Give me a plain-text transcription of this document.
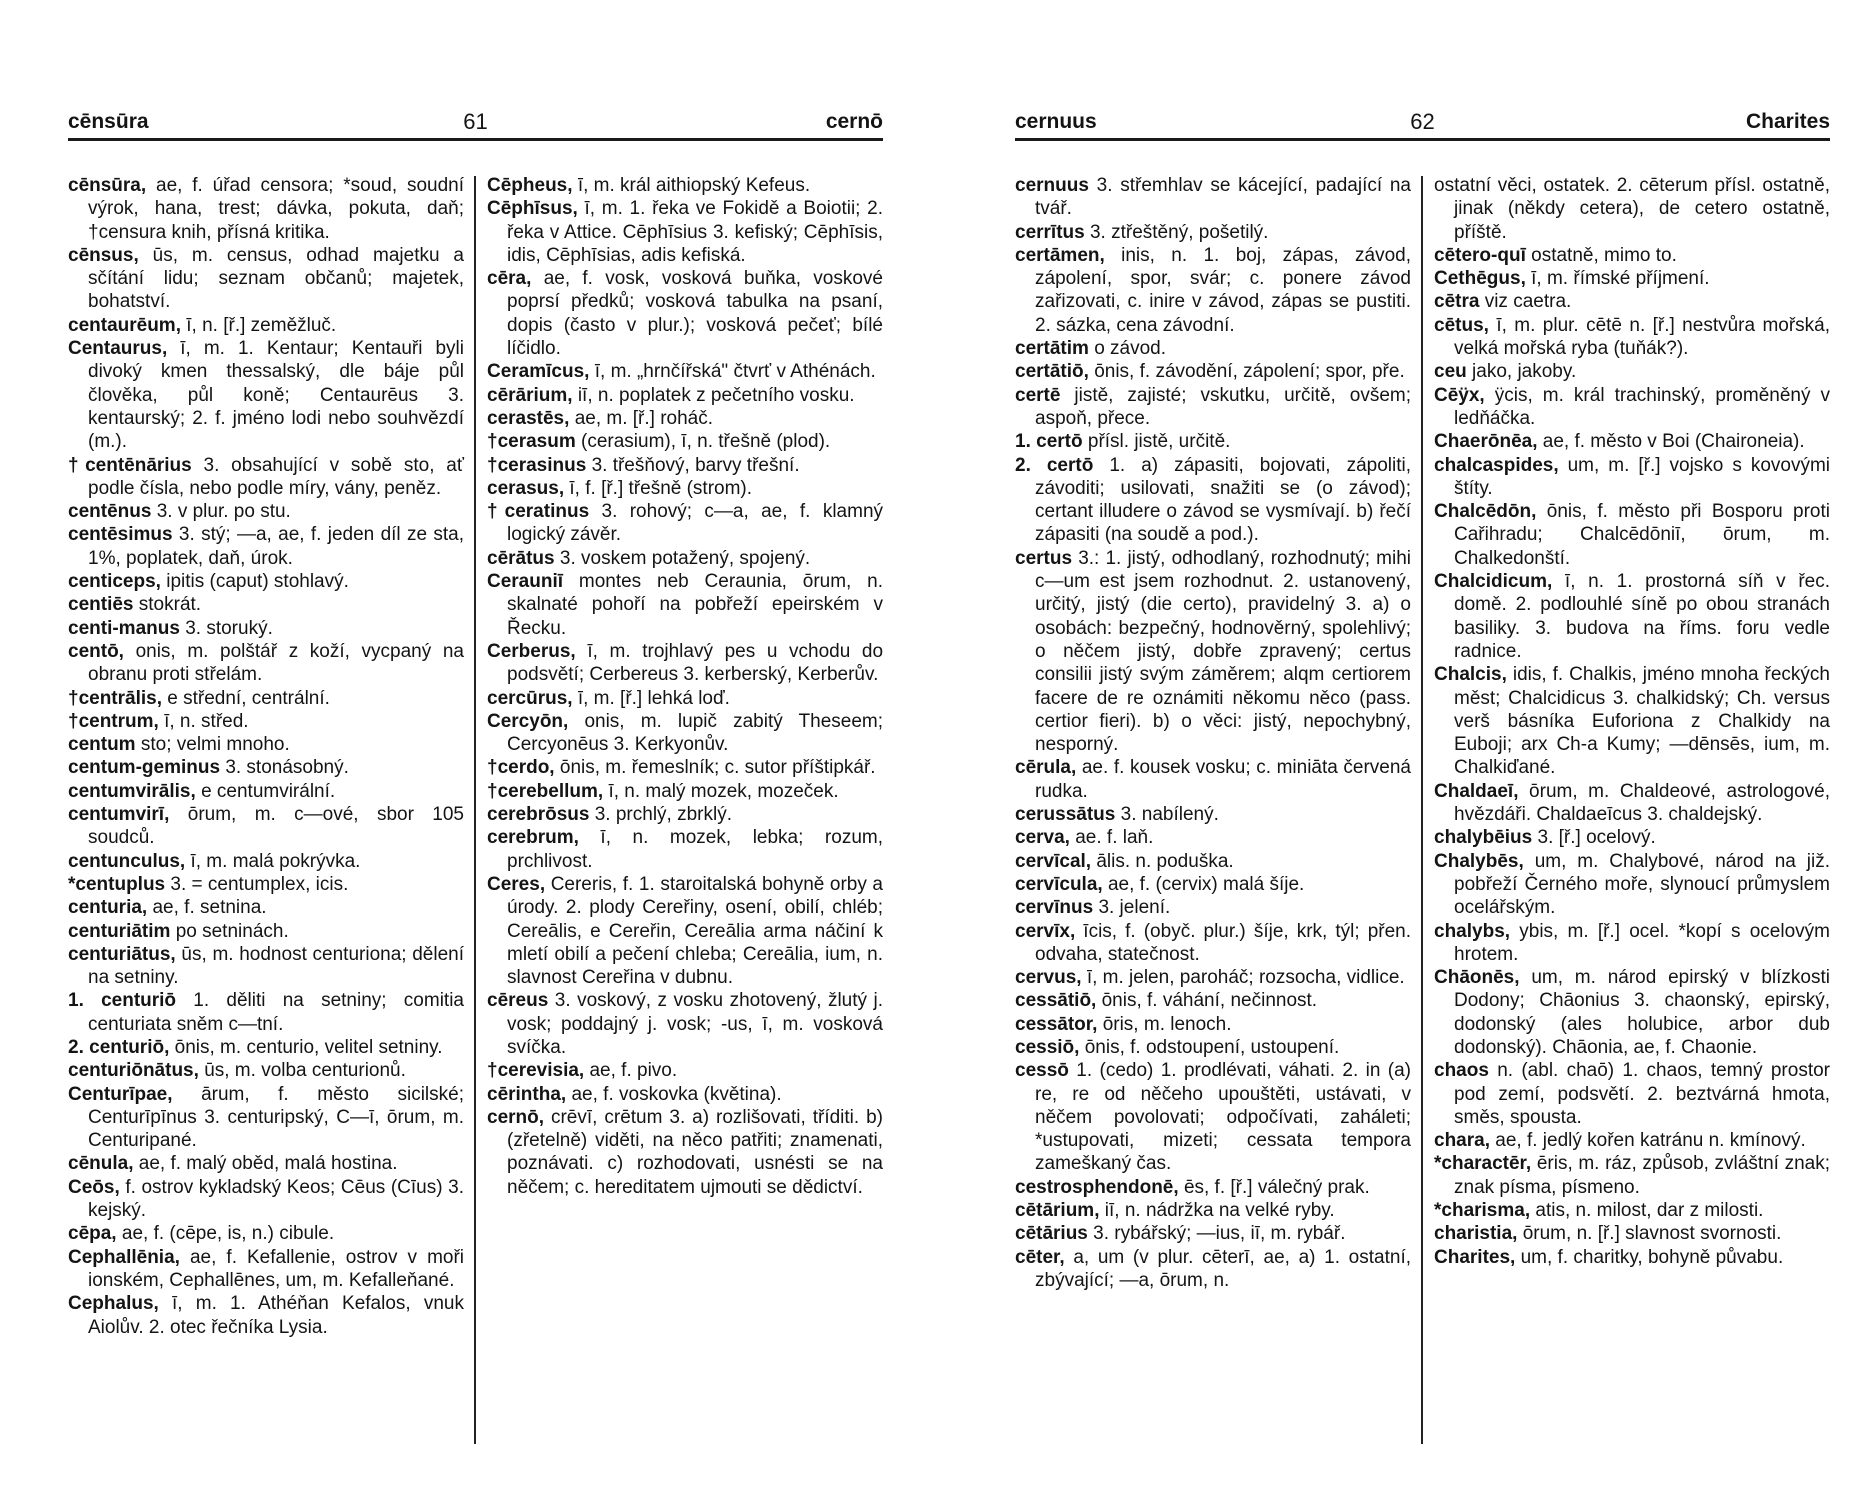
cēnsūra	61	cernō

cēnsūra, ae, f. úřad censora; *soud, soudní výrok, hana, trest; dávka, pokuta, daň; †censura knih, přísná kritika.

cēnsus, ūs, m. census, odhad majetku a sčítání lidu; seznam občanů; majetek, bohatství.

centaurēum, ī, n. [ř.] zeměžluč.

Centaurus, ī, m. 1. Kentaur; Kentauři byli divoký kmen thessalský, dle báje půl člověka, půl koně; Centaurēus 3. kentaurský; 2. f. jméno lodi nebo souhvězdí (m.).

†centēnārius 3. obsahující v sobě sto, ať podle čísla, nebo podle míry, vány, peněz.

centēnus 3. v plur. po stu.

centēsimus 3. stý; —a, ae, f. jeden díl ze sta, 1%, poplatek, daň, úrok.

centiceps, ipitis (caput) stohlavý.

centiēs stokrát.

centi-manus 3. storuký.

centō, onis, m. polštář z koží, vycpaný na obranu proti střelám.

†centrālis, e střední, centrální.

†centrum, ī, n. střed.

centum sto; velmi mnoho.

centum-geminus 3. stonásobný.

centumvirālis, e centumvirální.

centumvirī, ōrum, m. c—ové, sbor 105 soudců.

centunculus, ī, m. malá pokrývka.

*centuplus 3. = centumplex, icis.

centuria, ae, f. setnina.

centuriātim po setninách.

centuriātus, ūs, m. hodnost centuriona; dělení na setniny.

1. centuriō 1. děliti na setniny; comitia centuriata sněm c—tní.

2. centuriō, ōnis, m. centurio, velitel setniny.

centuriōnātus, ūs, m. volba centurionů.

Centurīpae, ārum, f. město sicilské; Centurīpīnus 3. centuripský, C—ī, ōrum, m. Centuripané.

cēnula, ae, f. malý oběd, malá hostina.

Ceōs, f. ostrov kykladský Keos; Cēus (Cīus) 3. kejský.

cēpa, ae, f. (cēpe, is, n.) cibule.

Cephallēnia, ae, f. Kefallenie, ostrov v moři ionském, Cephallēnes, um, m. Kefalleňané.

Cephalus, ī, m. 1. Athéňan Kefalos, vnuk Aiolův. 2. otec řečníka Lysia.

Cēpheus, ī, m. král aithiopský Kefeus.

Cēphīsus, ī, m. 1. řeka ve Fokidě a Boiotii; 2. řeka v Attice. Cēphīsius 3. kefiský; Cēphīsis, idis, Cēphīsias, adis kefiská.

cēra, ae, f. vosk, vosková buňka, voskové poprsí předků; vosková tabulka na psaní, dopis (často v plur.); vosková pečeť; bílé líčidlo.

Ceramīcus, ī, m. „hrnčířská" čtvrť v Athénách.

cērārium, iī, n. poplatek z pečetního vosku.

cerastēs, ae, m. [ř.] roháč.

†cerasum (cerasium), ī, n. třešně (plod).

†cerasinus 3. třešňový, barvy třešní.

cerasus, ī, f. [ř.] třešně (strom).

†ceratinus 3. rohový; c—a, ae, f. klamný logický závěr.

cērātus 3. voskem potažený, spojený.

Cerauniī montes neb Ceraunia, ōrum, n. skalnaté pohoří na pobřeží epeirském v Řecku.

Cerberus, ī, m. trojhlavý pes u vchodu do podsvětí; Cerbereus 3. kerberský, Kerberův.

cercūrus, ī, m. [ř.] lehká loď.

Cercyōn, onis, m. lupič zabitý Theseem; Cercyonēus 3. Kerkyonův.

†cerdo, ōnis, m. řemeslník; c. sutor příštipkář.

†cerebellum, ī, n. malý mozek, mozeček.

cerebrōsus 3. prchlý, zbrklý.

cerebrum, ī, n. mozek, lebka; rozum, prchlivost.

Ceres, Cereris, f. 1. staroitalská bohyně orby a úrody. 2. plody Cereřiny, osení, obilí, chléb; Cereālis, e Cereřin, Cereālia arma náčiní k mletí obilí a pečení chleba; Cereālia, ium, n. slavnost Cereřina v dubnu.

cēreus 3. voskový, z vosku zhotovený, žlutý j. vosk; poddajný j. vosk; -us, ī, m. vosková svíčka.

†cerevisia, ae, f. pivo.

cērintha, ae, f. voskovka (květina).

cernō, crēvī, crētum 3. a) rozlišovati, tříditi. b) (zřetelně) viděti, na něco patřiti; znamenati, poznávati. c) rozhodovati, usnésti se na něčem; c. hereditatem ujmouti se dědictví.

cernuus	62	Charites

cernuus 3. střemhlav se kácející, padající na tvář.

cerrītus 3. ztřeštěný, pošetilý.

certāmen, inis, n. 1. boj, zápas, závod, zápolení, spor, svár; c. ponere závod zařizovati, c. inire v závod, zápas se pustiti. 2. sázka, cena závodní.

certātim o závod.

certātiō, ōnis, f. závodění, zápolení; spor, pře.

certē jistě, zajisté; vskutku, určitě, ovšem; aspoň, přece.

1. certō přísl. jistě, určitě.

2. certō 1. a) zápasiti, bojovati, zápoliti, závoditi; usilovati, snažiti se (o závod); certant illudere o závod se vysmívají. b) řečí zápasiti (na soudě a pod.).

certus 3.: 1. jistý, odhodlaný, rozhodnutý; mihi c—um est jsem rozhodnut. 2. ustanovený, určitý, jistý (die certo), pravidelný 3. a) o osobách: bezpečný, hodnověrný, spolehlivý; o něčem jistý, dobře zpravený; certus consilii jistý svým záměrem; alqm certiorem facere de re oznámiti někomu něco (pass. certior fieri). b) o věci: jistý, nepochybný, nesporný.

cērula, ae. f. kousek vosku; c. miniāta červená rudka.

cerussātus 3. nabílený.

cerva, ae. f. laň.

cervīcal, ālis. n. poduška.

cervīcula, ae, f. (cervix) malá šíje.

cervīnus 3. jelení.

cervīx, īcis, f. (obyč. plur.) šíje, krk, týl; přen. odvaha, statečnost.

cervus, ī, m. jelen, paroháč; rozsocha, vidlice.

cessātiō, ōnis, f. váhání, nečinnost.

cessātor, ōris, m. lenoch.

cessiō, ōnis, f. odstoupení, ustoupení.

cessō 1. (cedo) 1. prodlévati, váhati. 2. in (a) re, re od něčeho upouštěti, ustávati, v něčem povolovati; odpočívati, zaháleti; *ustupovati, mizeti; cessata tempora zameškaný čas.

cestrosphendonē, ēs, f. [ř.] válečný prak.

cētārium, iī, n. nádržka na velké ryby.

cētārius 3. rybářský; —ius, iī, m. rybář.

cēter, a, um (v plur. cēterī, ae, a) 1. ostatní, zbývající; —a, ōrum, n.

ostatní věci, ostatek. 2. cēterum přísl. ostatně, jinak (někdy cetera), de cetero ostatně, příště.

cētero-quī ostatně, mimo to.

Cethēgus, ī, m. římské příjmení.

cētra viz caetra.

cētus, ī, m. plur. cētē n. [ř.] nestvůra mořská, velká mořská ryba (tuňák?).

ceu jako, jakoby.

Cēÿx, ÿcis, m. král trachinský, proměněný v ledňáčka.

Chaerōnēa, ae, f. město v Boi (Chaironeia).

chalcaspides, um, m. [ř.] vojsko s kovovými štíty.

Chalcēdōn, ōnis, f. město při Bosporu proti Cařihradu; Chalcēdōniī, ōrum, m. Chalkedonští.

Chalcidicum, ī, n. 1. prostorná síň v řec. domě. 2. podlouhlé síně po obou stranách basiliky. 3. budova na říms. foru vedle radnice.

Chalcis, idis, f. Chalkis, jméno mnoha řeckých měst; Chalcidicus 3. chalkidský; Ch. versus verš básníka Euforiona z Chalkidy na Euboji; arx Ch-a Kumy; —dēnsēs, ium, m. Chalkiďané.

Chaldaeī, ōrum, m. Chaldeové, astrologové, hvězdáři. Chaldaeīcus 3. chaldejský.

chalybēius 3. [ř.] ocelový.

Chalybēs, um, m. Chalybové, národ na již. pobřeží Černého moře, slynoucí průmyslem ocelářským.

chalybs, ybis, m. [ř.] ocel. *kopí s ocelovým hrotem.

Chāonēs, um, m. národ epirský v blízkosti Dodony; Chāonius 3. chaonský, epirský, dodonský (ales holubice, arbor dub dodonský). Chāonia, ae, f. Chaonie.

chaos n. (abl. chaō) 1. chaos, temný prostor pod zemí, podsvětí. 2. beztvárná hmota, směs, spousta.

chara, ae, f. jedlý kořen katránu n. kmínový.

*charactēr, ēris, m. ráz, způsob, zvláštní znak; znak písma, písmeno.

*charisma, atis, n. milost, dar z milosti.

charistia, ōrum, n. [ř.] slavnost svornosti.

Charites, um, f. charitky, bohyně půvabu.
